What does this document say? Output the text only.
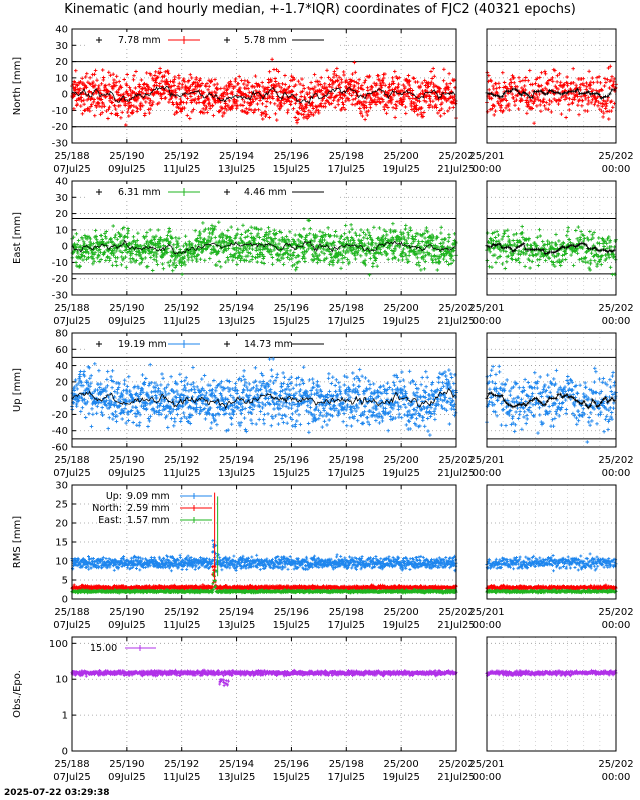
Kinematic (and hourly median, +-1.7*IQR) coordinates of FJC2 (40321 epochs)
North [mm]
-30
-20
-10
0
10
20
30
40
25/188
07Jul25
25/190
09Jul25
25/192
11Jul25
25/194
13Jul25
25/196
15Jul25
25/198
17Jul25
25/200
19Jul25
25/202
21Jul25
25/201
00:00
25/202
00:00
7.78 mm	5.78 mm
East [mm]
-30
-20
-10
0
10
20
30
40
25/188
07Jul25
25/190
09Jul25
25/192
11Jul25
25/194
13Jul25
25/196
15Jul25
25/198
17Jul25
25/200
19Jul25
25/202
21Jul25
25/201
00:00
25/202
00:00
6.31 mm	4.46 mm
Up [mm]
-60
-40
-20
0
20
40
60
80
25/188
07Jul25
25/190
09Jul25
25/192
11Jul25
25/194
13Jul25
25/196
15Jul25
25/198
17Jul25
25/200
19Jul25
25/202
21Jul25
25/201
00:00
25/202
00:00
19.19 mm	14.73 mm
RMS [mm]
0
5
10
15
20
25
30
25/188
07Jul25
25/190
09Jul25
25/192
11Jul25
25/194
13Jul25
25/196
15Jul25
25/198
17Jul25
25/200
19Jul25
25/202
21Jul25
25/201
00:00
25/202
00:00
Up: 9.09 mm
North: 2.59 mm
East: 1.57 mm
Obs./Epo.
0
1
10
100
25/188
07Jul25
25/190
09Jul25
25/192
11Jul25
25/194
13Jul25
25/196
15Jul25
25/198
17Jul25
25/200
19Jul25
25/202
21Jul25
25/201
00:00
25/202
00:00
15.00
2025-07-22 03:29:38
